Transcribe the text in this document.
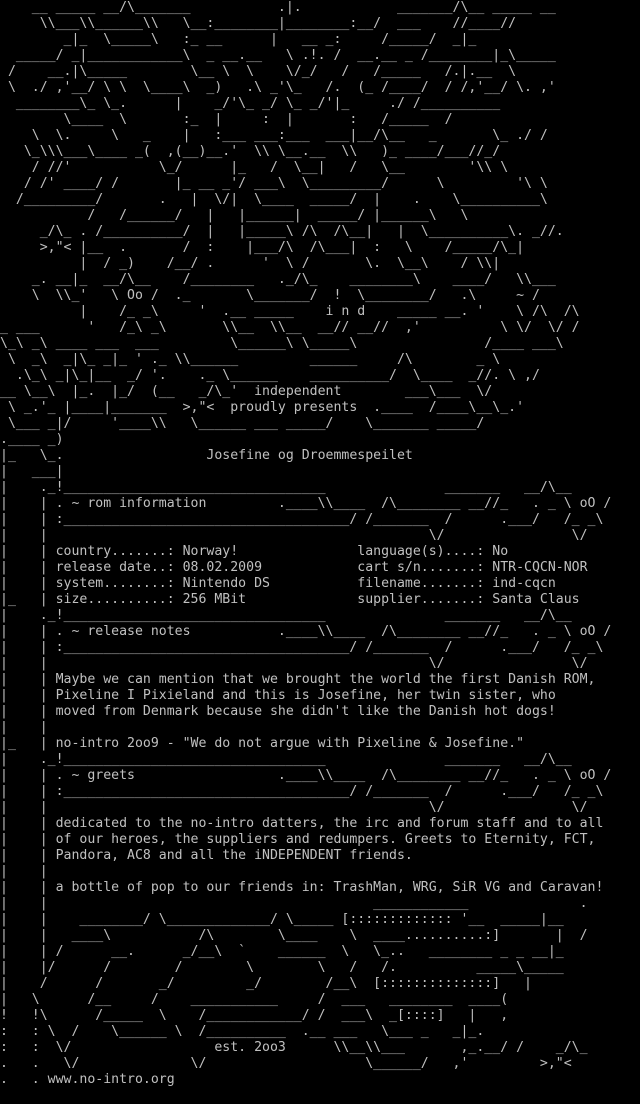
__ _____ __/\_______           .|.            _______/\__ _____ __
\\___\\______\\   \__:________|________:__/  ___    //____//
_|_  \_____\   :_ __      |   __ _:     /_____/  _|_
_____/ _|____________\  _ __.__   \ .!. /  __.__ _ /________|_\_____
/    __.|\_____        \__ \  \    \/_/   /   /_____   /.|.__  \
\  ./ ,'__/ \ \  \____\  _)   .\ _'\_   /.  (_ /____/  / /,'__/ \. ,'
________\_ \_.      |    _/'\_ _/ \_ _/'|_     ./ /__________
\____  \       :_  |     :  |       :   /_____  /
\  \.     \   _    |   :___ ___:___  ___|__/\__   _       \_ ./ /
\_\\\___\____ _(  ,(__)__.'  \\ \__.__  \\   )_ ____/___//_/
/ //'           \_/      |_   /  \__|   /   \__        '\\ \
/ /' ____/ /       |_ __ _'/ ___\  \_________/      \         '\ \
/_________/       .   |  \/|  \____  _____/  |    .    \__________\
/   /______/   |   |______|  _____/ |______\   \
_/\_ . /__________/  |   |_____\ /\  /\__|   |  \__________\. _//.
>,"< |__  .       /  :    |___/\  /\___|  :   \    /_____/\_|
|  / _)    /__/ .      '  \ /       \.  \__\    / \\|
_. __|_  __/\__    /________   ._/\_    ________\    ____/   \\___
\  \\_'   \ Oo /  ._       \_______/  !  \________/   .\     ~ /
|    /_ _\     '  .__ _____    i n d    _____ __. '    \ /\  /\
_ ___      '   /_\ _\       \\__  \\__  __// __//  ,'          \ \/  \/ /
\_\ _\ ____ ___  ___         \______\ \_____\                /____ ___\
\  _\  _|\_ _|_ ' ._ \\______         ______     /\        _ \
.\_\ _|\_|__  _/ '.    ._ \______    __________/  \____  _//. \ ,/
__ \__\  |_.  |_/  (__   _/\_'  independent        ___\___  \/
\ _.'_ |____|_______  >,"<  proudly presents  .____  /____\__\_.'
\___ _|/     '____\\   \______ ___ _____/    \_______ _____/
.____ _)
|_   \_.                  Josefine og Droemmespeilet
|   ___|
|    ._!_________________________________               _______   __/\__
|    | . ~ rom information         .____\\____  /\________ __//_   . _ \ oO /
|    | :____________________________________/ /_______  /      .___/   /_ _\
|    |                                                \/                \/
|    | country.......: Norway!               language(s)....: No
|    | release date..: 08.02.2009            cart s/n.......: NTR-CQCN-NOR
|    | system........: Nintendo DS           filename.......: ind-cqcn
|_   | size..........: 256 MBit              supplier.......: Santa Claus
|    ._!_________________________________               _______   __/\__
|    | . ~ release notes           .____\\____  /\________ __//_   . _ \ oO /
|    | :____________________________________/ /_______  /      .___/   /_ _\
|    |                                                \/                \/
|    | Maybe we can mention that we brought the world the first Danish ROM,
|    | Pixeline I Pixieland and this is Josefine, her twin sister, who
|    | moved from Denmark because she didn't like the Danish hot dogs!
|    |
|_   | no-intro 2oo9 - "We do not argue with Pixeline & Josefine."
|    ._!_________________________________               _______   __/\__
|    | . ~ greets                  .____\\____  /\________ __//_   . _ \ oO /
|    | :____________________________________/ /_______  /      .___/   /_ _\
|    |                                                \/                \/
|    | dedicated to the no-intro datters, the irc and forum staff and to all
|    | of our heroes, the suppliers and redumpers. Greets to Eternity, FCT,
|    | Pandora, AC8 and all the iNDEPENDENT friends.
|    |
|    | a bottle of pop to our friends in: TrashMan, WRG, SiR VG and Caravan!
|    |                                         ____________              .
|    |    ________/ \_____________/ \_____ [::::::::::::: '__  _____|__
|    |   ____\           /\        \____    \  ____..........:]       |  /
|    | /      __.      _/__\  `    ______  \   \_..   ________ _ _ __|_
|    |/      /        /        \        \   /   /.          _____\_____
|    /      /       _/         _/        /__\  [::::::::::::::]   |
|   \      /__     /    ___________     /  ___   ________  ____(
!   !\      /_____  \    /____________/ /  ___\  _[::::]   |   ,
:   : \  /    \______ \  /__________  .__ ___   \___ _   _|_.
:   :  \/                  est. 2oo3      \\__\\___       ,_.__/ /    _/\_
.   .   \/              \/                    \______/   ,'         >,"<
.   . www.no-intro.org
